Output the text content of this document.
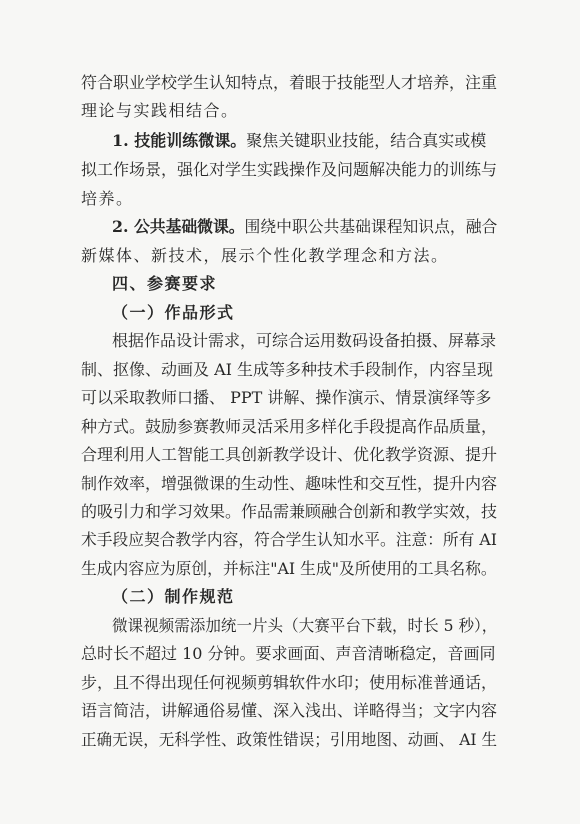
符合职业学校学生认知特点，着眼于技能型人才培养，注重
理论与实践相结合。
1. 技能训练微课。聚焦关键职业技能，结合真实或模
拟工作场景，强化对学生实践操作及问题解决能力的训练与
培养。
2. 公共基础微课。围绕中职公共基础课程知识点，融合
新媒体、新技术，展示个性化教学理念和方法。
四、参赛要求
（一）作品形式
根据作品设计需求，可综合运用数码设备拍摄、屏幕录
制、抠像、动画及 AI 生成等多种技术手段制作，内容呈现
可以采取教师口播、 PPT 讲解、操作演示、情景演绎等多
种方式。鼓励参赛教师灵活采用多样化手段提高作品质量，
合理利用人工智能工具创新教学设计、优化教学资源、提升
制作效率，增强微课的生动性、趣味性和交互性，提升内容
的吸引力和学习效果。作品需兼顾融合创新和教学实效，技
术手段应契合教学内容，符合学生认知水平。注意：所有 AI
生成内容应为原创，并标注"AI 生成"及所使用的工具名称。
（二）制作规范
微课视频需添加统一片头（大赛平台下载，时长 5 秒），
总时长不超过 10 分钟。要求画面、声音清晰稳定，音画同
步，且不得出现任何视频剪辑软件水印；使用标准普通话，
语言简洁，讲解通俗易懂、深入浅出、详略得当；文字内容
正确无误，无科学性、政策性错误；引用地图、动画、 AI 生
